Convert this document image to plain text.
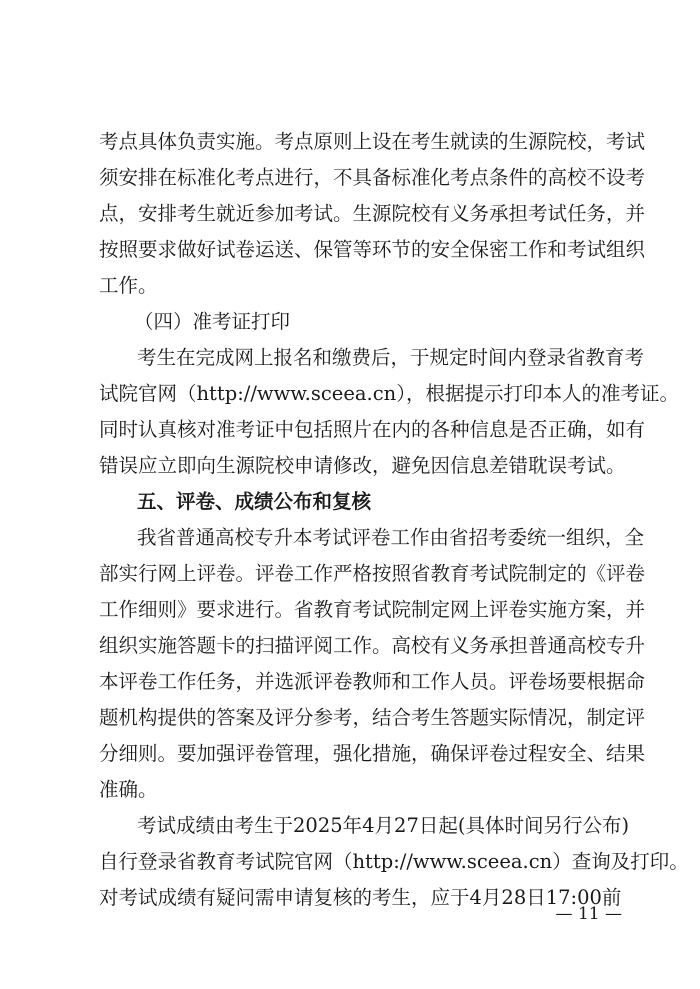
考点具体负责实施。考点原则上设在考生就读的生源院校，考试
须安排在标准化考点进行，不具备标准化考点条件的高校不设考
点，安排考生就近参加考试。生源院校有义务承担考试任务，并
按照要求做好试卷运送、保管等环节的安全保密工作和考试组织
工作。
（四）准考证打印
考生在完成网上报名和缴费后，于规定时间内登录省教育考
试院官网（http://www.sceea.cn），根据提示打印本人的准考证。
同时认真核对准考证中包括照片在内的各种信息是否正确，如有
错误应立即向生源院校申请修改，避免因信息差错耽误考试。
五、评卷、成绩公布和复核
我省普通高校专升本考试评卷工作由省招考委统一组织，全
部实行网上评卷。评卷工作严格按照省教育考试院制定的《评卷
工作细则》要求进行。省教育考试院制定网上评卷实施方案，并
组织实施答题卡的扫描评阅工作。高校有义务承担普通高校专升
本评卷工作任务，并选派评卷教师和工作人员。评卷场要根据命
题机构提供的答案及评分参考，结合考生答题实际情况，制定评
分细则。要加强评卷管理，强化措施，确保评卷过程安全、结果
准确。
考试成绩由考生于2025年4月27日起(具体时间另行公布)
自行登录省教育考试院官网（http://www.sceea.cn）查询及打印。
对考试成绩有疑问需申请复核的考生，应于4月28日17:00前
— 11 —
